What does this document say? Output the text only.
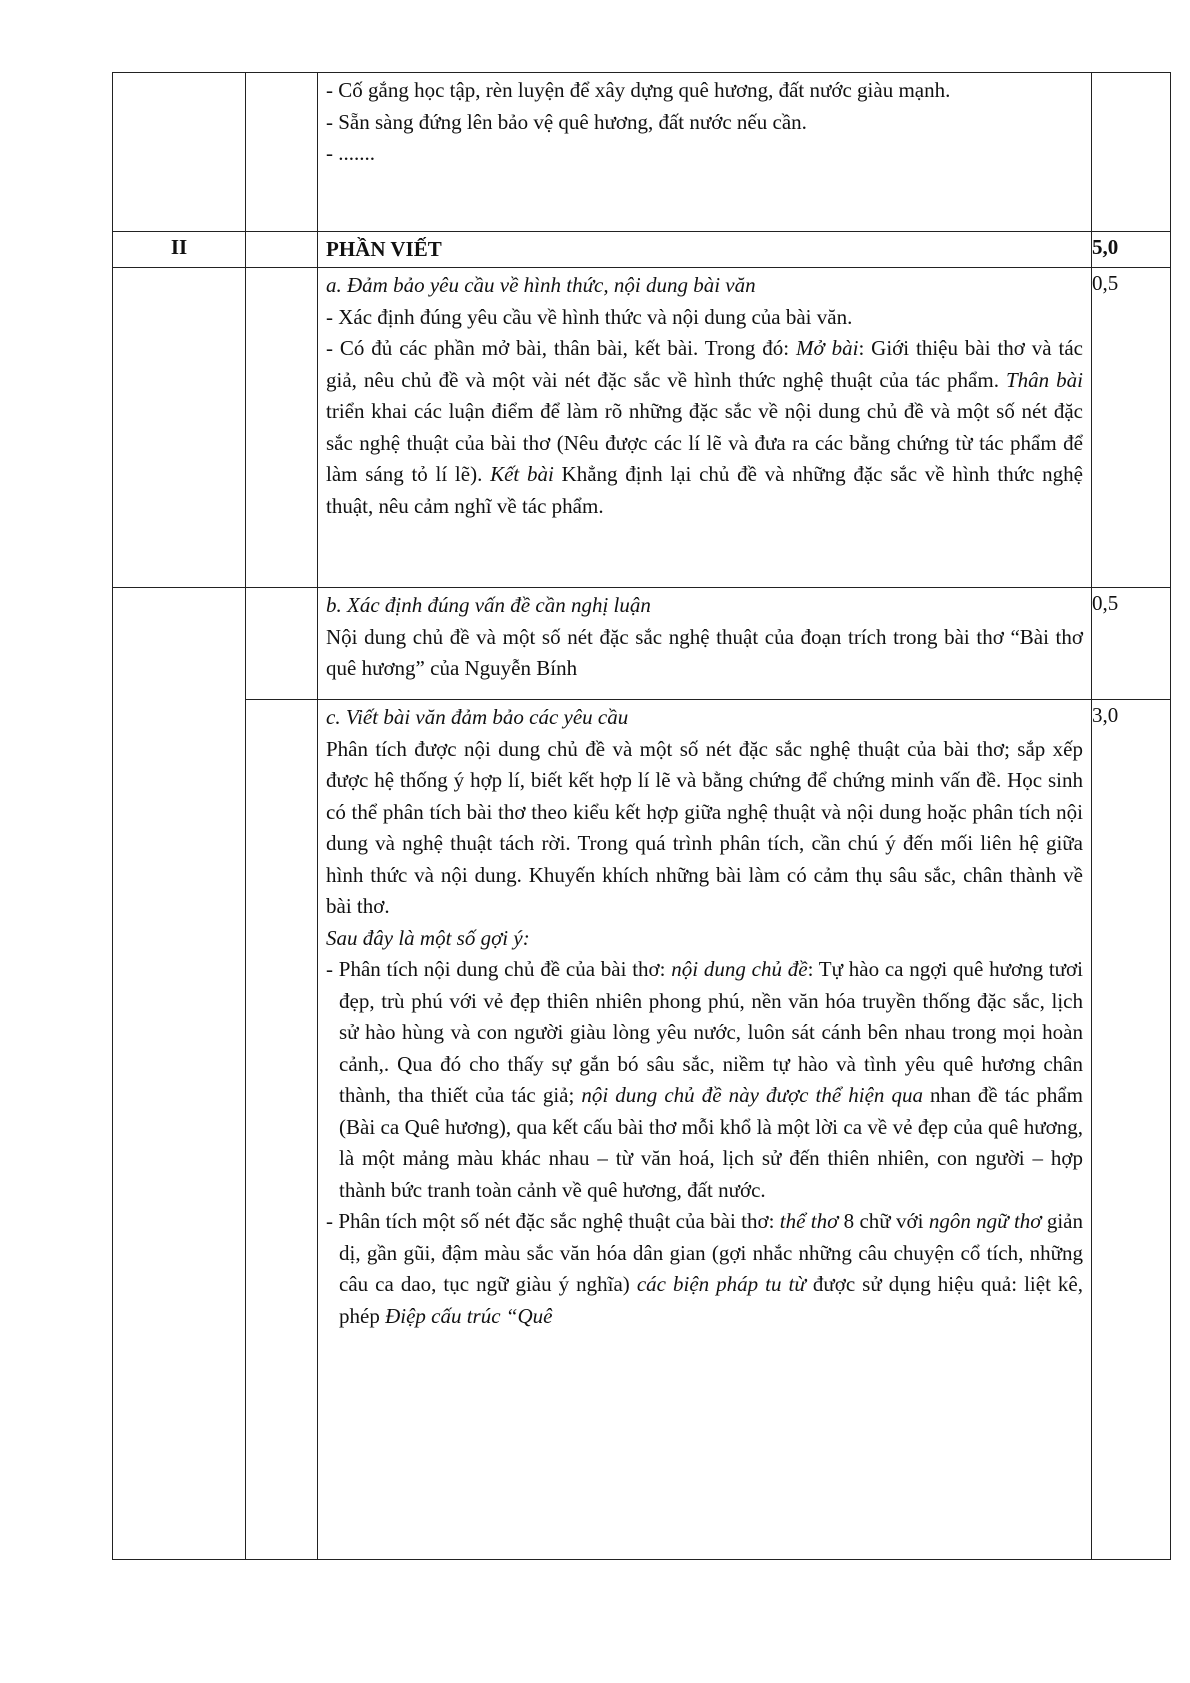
		- Cố gắng học tập, rèn luyện để xây dựng quê hương, đất nước giàu mạnh.

- Sẵn sàng đứng lên bảo vệ quê hương, đất nước nếu cần.

- .......	

II		PHẦN VIẾT	5,0

		a. Đảm bảo yêu cầu về hình thức, nội dung bài văn

- Xác định đúng yêu cầu về hình thức và nội dung của bài văn.

- Có đủ các phần mở bài, thân bài, kết bài. Trong đó: Mở bài: Giới thiệu bài thơ và tác giả, nêu chủ đề và một vài nét đặc sắc về hình thức nghệ thuật của tác phẩm. Thân bài triển khai các luận điểm để làm rõ những đặc sắc về nội dung chủ đề và một số nét đặc sắc nghệ thuật của bài thơ (Nêu được các lí lẽ và đưa ra các bằng chứng từ tác phẩm để làm sáng tỏ lí lẽ). Kết bài Khẳng định lại chủ đề và những đặc sắc về hình thức nghệ thuật, nêu cảm nghĩ về tác phẩm.	0,5

		b. Xác định đúng vấn đề cần nghị luận

Nội dung chủ đề và một số nét đặc sắc nghệ thuật của đoạn trích trong bài thơ “Bài thơ quê hương” của Nguyễn Bính	0,5

		c. Viết bài văn đảm bảo các yêu cầu

Phân tích được nội dung chủ đề và một số nét đặc sắc nghệ thuật của bài thơ; sắp xếp được hệ thống ý hợp lí, biết kết hợp lí lẽ và bằng chứng để chứng minh vấn đề. Học sinh có thể phân tích bài thơ theo kiểu kết hợp giữa nghệ thuật và nội dung hoặc phân tích nội dung và nghệ thuật tách rời. Trong quá trình phân tích, cần chú ý đến mối liên hệ giữa hình thức và nội dung. Khuyến khích những bài làm có cảm thụ sâu sắc, chân thành về bài thơ.

Sau đây là một số gợi ý:

- Phân tích nội dung chủ đề của bài thơ: nội dung chủ đề: Tự hào ca ngợi quê hương tươi đẹp, trù phú với vẻ đẹp thiên nhiên phong phú, nền văn hóa truyền thống đặc sắc, lịch sử hào hùng và con người giàu lòng yêu nước, luôn sát cánh bên nhau trong mọi hoàn cảnh,. Qua đó cho thấy sự gắn bó sâu sắc, niềm tự hào và tình yêu quê hương chân thành, tha thiết của tác giả; nội dung chủ đề này được thể hiện qua nhan đề tác phẩm (Bài ca Quê hương), qua kết cấu bài thơ mỗi khổ là một lời ca về vẻ đẹp của quê hương, là một mảng màu khác nhau – từ văn hoá, lịch sử đến thiên nhiên, con người – hợp thành bức tranh toàn cảnh về quê hương, đất nước.

- Phân tích một số nét đặc sắc nghệ thuật của bài thơ: thể thơ 8 chữ với ngôn ngữ thơ giản dị, gần gũi, đậm màu sắc văn hóa dân gian (gợi nhắc những câu chuyện cổ tích, những câu ca dao, tục ngữ giàu ý nghĩa) các biện pháp tu từ được sử dụng hiệu quả: liệt kê, phép Điệp cấu trúc “Quê	3,0
